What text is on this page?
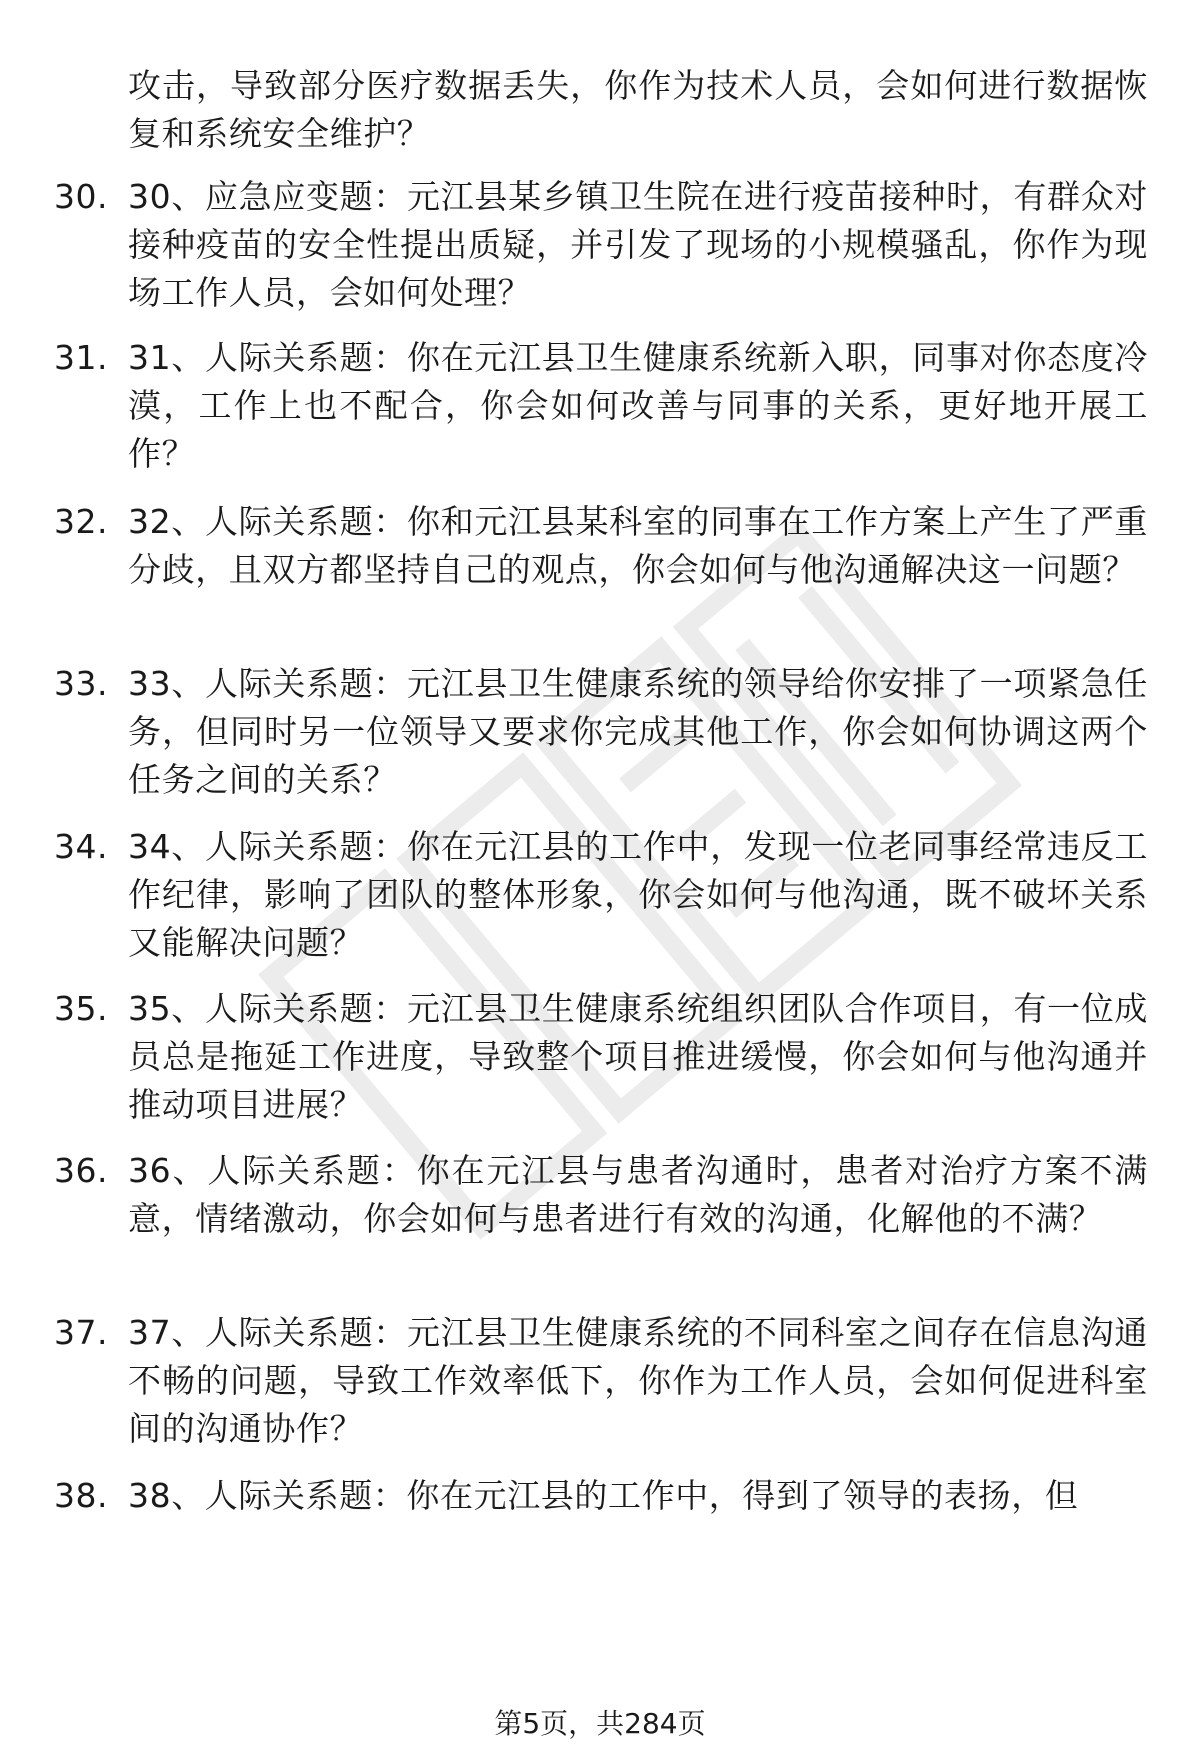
攻击，导致部分医疗数据丢失，你作为技术人员，会如何进行数据恢复和系统安全维护？
30. 30、应急应变题：元江县某乡镇卫生院在进行疫苗接种时，有群众对接种疫苗的安全性提出质疑，并引发了现场的小规模骚乱，你作为现场工作人员，会如何处理？
31. 31、人际关系题：你在元江县卫生健康系统新入职，同事对你态度冷漠，工作上也不配合，你会如何改善与同事的关系，更好地开展工作？
32. 32、人际关系题：你和元江县某科室的同事在工作方案上产生了严重分歧，且双方都坚持自己的观点，你会如何与他沟通解决这一问题？
33. 33、人际关系题：元江县卫生健康系统的领导给你安排了一项紧急任务，但同时另一位领导又要求你完成其他工作，你会如何协调这两个任务之间的关系？
34. 34、人际关系题：你在元江县的工作中，发现一位老同事经常违反工作纪律，影响了团队的整体形象，你会如何与他沟通，既不破坏关系又能解决问题？
35. 35、人际关系题：元江县卫生健康系统组织团队合作项目，有一位成员总是拖延工作进度，导致整个项目推进缓慢，你会如何与他沟通并推动项目进展？
36. 36、人际关系题：你在元江县与患者沟通时，患者对治疗方案不满意，情绪激动，你会如何与患者进行有效的沟通，化解他的不满？
37. 37、人际关系题：元江县卫生健康系统的不同科室之间存在信息沟通不畅的问题，导致工作效率低下，你作为工作人员，会如何促进科室间的沟通协作？
38. 38、人际关系题：你在元江县的工作中，得到了领导的表扬，但
第5页，共284页
